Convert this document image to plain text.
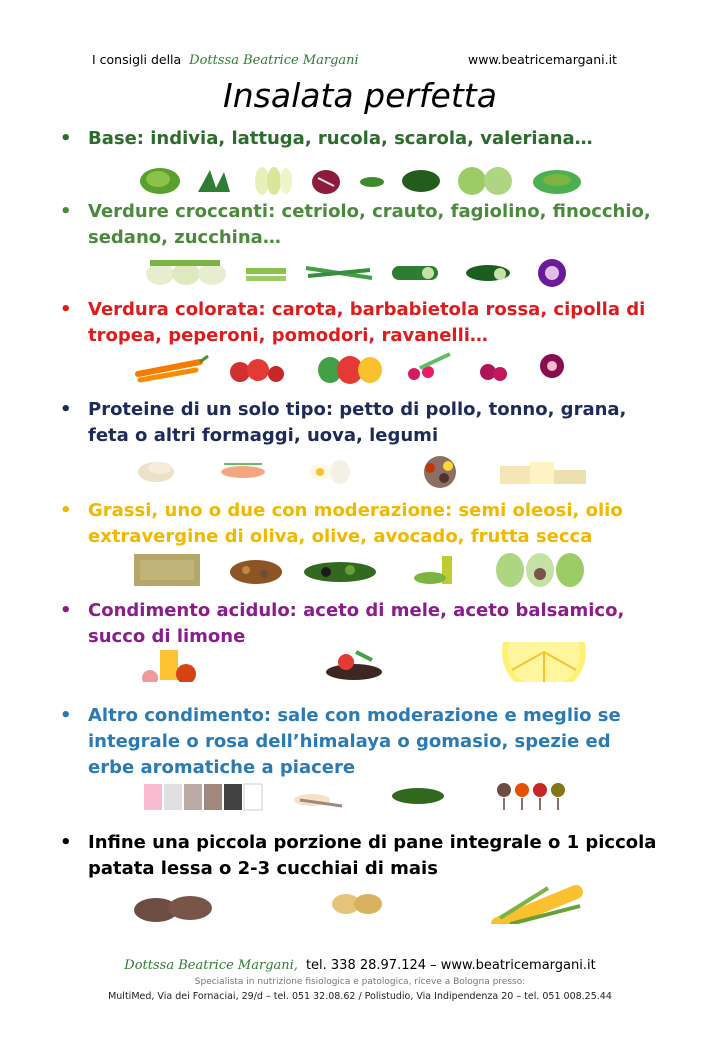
I consigli della Dottssa Beatrice Margani	www.beatricemargani.it
Insalata perfetta
• Base: indivia, lattuga, rucola, scarola, valeriana…
• Verdure croccanti: cetriolo, crauto, fagiolino, finocchio, sedano, zucchina…
• Verdura colorata: carota, barbabietola rossa, cipolla di tropea, peperoni, pomodori, ravanelli…
• Proteine di un solo tipo: petto di pollo, tonno, grana, feta o altri formaggi, uova, legumi
• Grassi, uno o due con moderazione: semi oleosi, olio extravergine di oliva, olive, avocado, frutta secca
• Condimento acidulo: aceto di mele, aceto balsamico, succo di limone
• Altro condimento: sale con moderazione e meglio se integrale o rosa dell’himalaya o gomasio, spezie ed erbe aromatiche a piacere
• Infine una piccola porzione di pane integrale o 1 piccola patata lessa o 2-3 cucchiai di mais
Dottssa Beatrice Margani, tel. 338 28.97.124 – www.beatricemargani.it
Specialista in nutrizione fisiologica e patologica, riceve a Bologna presso:
MultiMed, Via dei Fornaciai, 29/d – tel. 051 32.08.62 / Polistudio, Via Indipendenza 20 – tel. 051 008.25.44
